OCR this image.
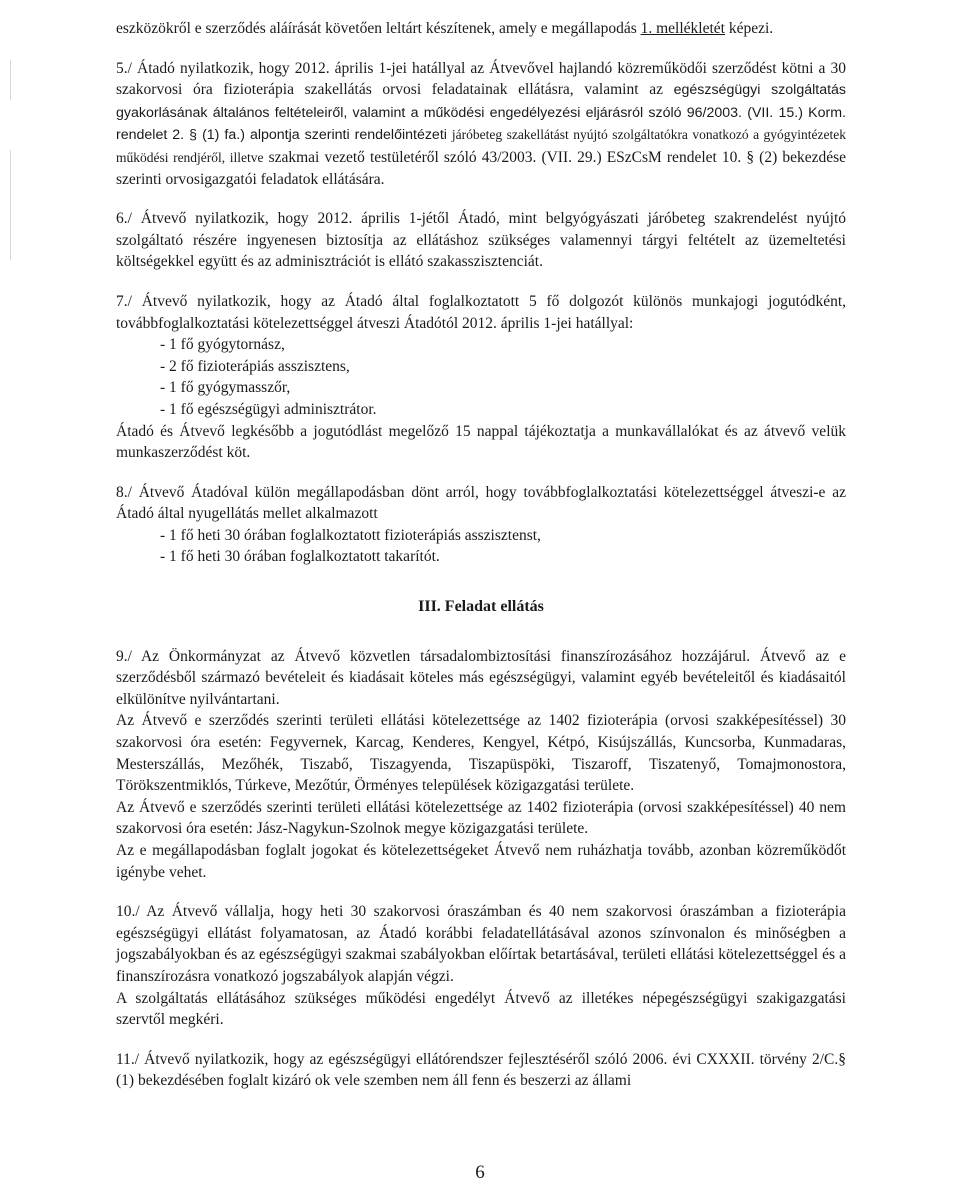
eszközökről e szerződés aláírását követően leltárt készítenek, amely e megállapodás 1. mellékletét képezi.

5./ Átadó nyilatkozik, hogy 2012. április 1-jei hatállyal az Átvevővel hajlandó közreműködői szerződést kötni a 30 szakorvosi óra fizioterápia szakellátás orvosi feladatainak ellátásra, valamint az egészségügyi szolgáltatás gyakorlásának általános feltételeiről, valamint a működési engedélyezési eljárásról szóló 96/2003. (VII. 15.) Korm. rendelet 2. § (1) fa.) alpontja szerinti rendelőintézeti járóbeteg szakellátást nyújtó szolgáltatókra vonatkozó a gyógyintézetek működési rendjéről, illetve szakmai vezető testületéről szóló 43/2003. (VII. 29.) ESzCsM rendelet 10. § (2) bekezdése szerinti orvosigazgatói feladatok ellátására.

6./ Átvevő nyilatkozik, hogy 2012. április 1-jétől Átadó, mint belgyógyászati járóbeteg szakrendelést nyújtó szolgáltató részére ingyenesen biztosítja az ellátáshoz szükséges valamennyi tárgyi feltételt az üzemeltetési költségekkel együtt és az adminisztrációt is ellátó szakasszisztenciát.

7./ Átvevő nyilatkozik, hogy az Átadó által foglalkoztatott 5 fő dolgozót különös munkajogi jogutódként, továbbfoglalkoztatási kötelezettséggel átveszi Átadótól 2012. április 1-jei hatállyal:

- 1 fő gyógytornász,
- 2 fő fizioterápiás asszisztens,
- 1 fő gyógymasszőr,
- 1 fő egészségügyi adminisztrátor.

Átadó és Átvevő legkésőbb a jogutódlást megelőző 15 nappal tájékoztatja a munkavállalókat és az átvevő velük munkaszerződést köt.

8./ Átvevő Átadóval külön megállapodásban dönt arról, hogy továbbfoglalkoztatási kötelezettséggel átveszi-e az Átadó által nyugellátás mellet alkalmazott

- 1 fő heti 30 órában foglalkoztatott fizioterápiás asszisztenst,
- 1 fő heti 30 órában foglalkoztatott takarítót.

III. Feladat ellátás

9./ Az Önkormányzat az Átvevő közvetlen társadalombiztosítási finanszírozásához hozzájárul. Átvevő az e szerződésből származó bevételeit és kiadásait köteles más egészségügyi, valamint egyéb bevételeitől és kiadásaitól elkülönítve nyilvántartani.

Az Átvevő e szerződés szerinti területi ellátási kötelezettsége az 1402 fizioterápia (orvosi szakképesítéssel) 30 szakorvosi óra esetén: Fegyvernek, Karcag, Kenderes, Kengyel, Kétpó, Kisújszállás, Kuncsorba, Kunmadaras, Mesterszállás, Mezőhék, Tiszabő, Tiszagyenda, Tiszapüspöki, Tiszaroff, Tiszatenyő, Tomajmonostora, Törökszentmiklós, Túrkeve, Mezőtúr, Örményes települések közigazgatási területe.

Az Átvevő e szerződés szerinti területi ellátási kötelezettsége az 1402 fizioterápia (orvosi szakképesítéssel) 40 nem szakorvosi óra esetén: Jász-Nagykun-Szolnok megye közigazgatási területe.

Az e megállapodásban foglalt jogokat és kötelezettségeket Átvevő nem ruházhatja tovább, azonban közreműködőt igénybe vehet.

10./ Az Átvevő vállalja, hogy heti 30 szakorvosi óraszámban és 40 nem szakorvosi óraszámban a fizioterápia egészségügyi ellátást folyamatosan, az Átadó korábbi feladatellátásával azonos színvonalon és minőségben a jogszabályokban és az egészségügyi szakmai szabályokban előírtak betartásával, területi ellátási kötelezettséggel és a finanszírozásra vonatkozó jogszabályok alapján végzi.

A szolgáltatás ellátásához szükséges működési engedélyt Átvevő az illetékes népegészségügyi szakigazgatási szervtől megkéri.

11./ Átvevő nyilatkozik, hogy az egészségügyi ellátórendszer fejlesztéséről szóló 2006. évi CXXXII. törvény 2/C.§ (1) bekezdésében foglalt kizáró ok vele szemben nem áll fenn és beszerzi az állami

6
